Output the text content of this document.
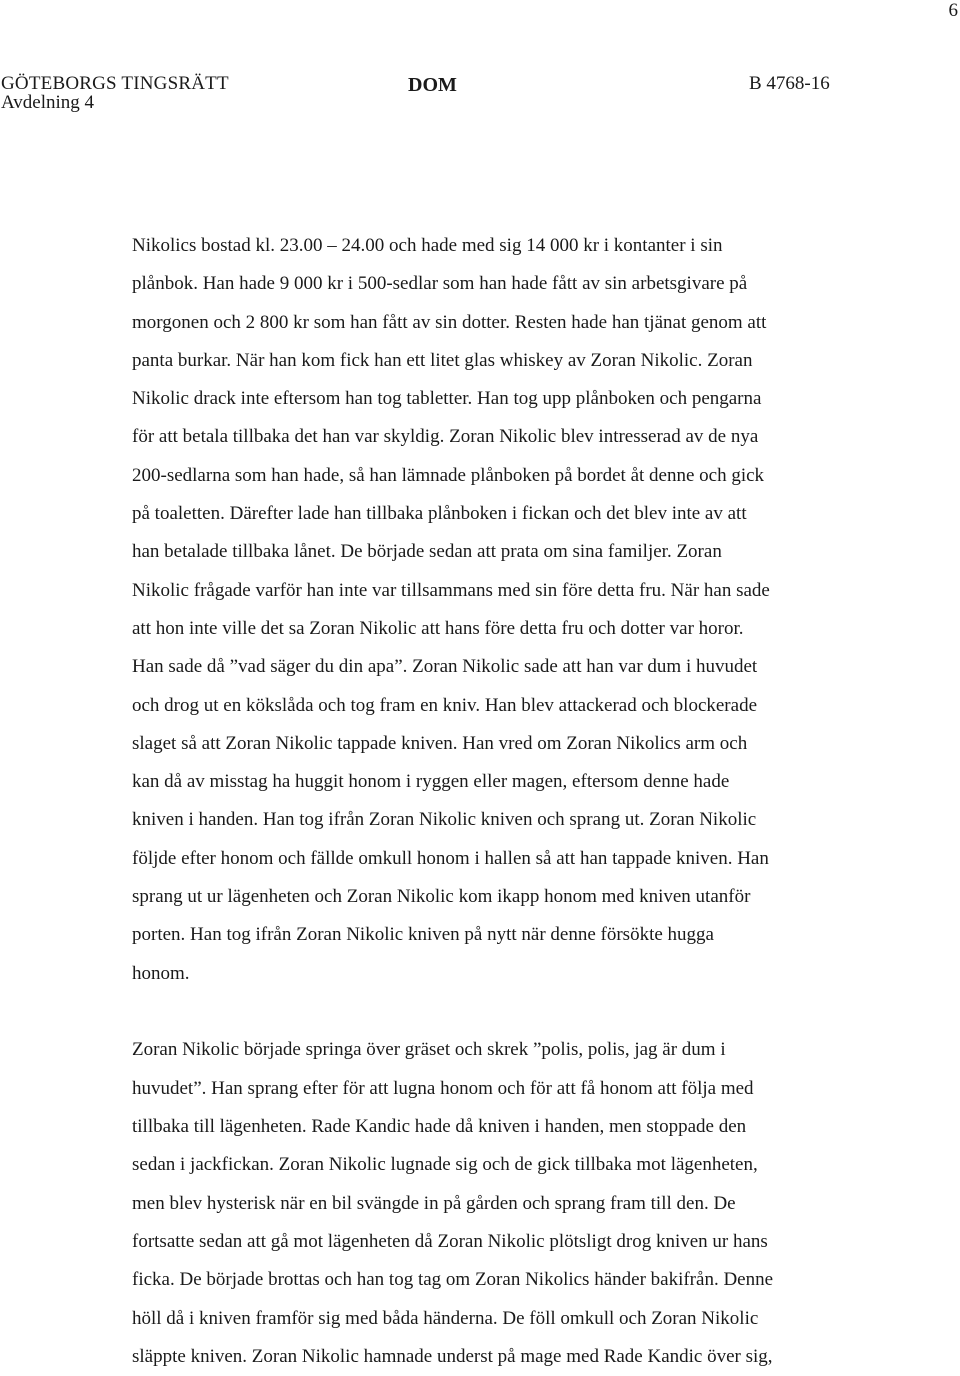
6
GÖTEBORGS TINGSRÄTT	DOM	B 4768-16
Avdelning 4
Nikolics bostad kl. 23.00 – 24.00 och hade med sig 14 000 kr i kontanter i sin
plånbok. Han hade 9 000 kr i 500-sedlar som han hade fått av sin arbetsgivare på
morgonen och 2 800 kr som han fått av sin dotter. Resten hade han tjänat genom att
panta burkar. När han kom fick han ett litet glas whiskey av Zoran Nikolic. Zoran
Nikolic drack inte eftersom han tog tabletter. Han tog upp plånboken och pengarna
för att betala tillbaka det han var skyldig. Zoran Nikolic blev intresserad av de nya
200-sedlarna som han hade, så han lämnade plånboken på bordet åt denne och gick
på toaletten. Därefter lade han tillbaka plånboken i fickan och det blev inte av att
han betalade tillbaka lånet. De började sedan att prata om sina familjer. Zoran
Nikolic frågade varför han inte var tillsammans med sin före detta fru. När han sade
att hon inte ville det sa Zoran Nikolic att hans före detta fru och dotter var horor.
Han sade då ”vad säger du din apa”. Zoran Nikolic sade att han var dum i huvudet
och drog ut en kökslåda och tog fram en kniv. Han blev attackerad och blockerade
slaget så att Zoran Nikolic tappade kniven. Han vred om Zoran Nikolics arm och
kan då av misstag ha huggit honom i ryggen eller magen, eftersom denne hade
kniven i handen. Han tog ifrån Zoran Nikolic kniven och sprang ut. Zoran Nikolic
följde efter honom och fällde omkull honom i hallen så att han tappade kniven. Han
sprang ut ur lägenheten och Zoran Nikolic kom ikapp honom med kniven utanför
porten. Han tog ifrån Zoran Nikolic kniven på nytt när denne försökte hugga
honom.
Zoran Nikolic började springa över gräset och skrek ”polis, polis, jag är dum i
huvudet”. Han sprang efter för att lugna honom och för att få honom att följa med
tillbaka till lägenheten. Rade Kandic hade då kniven i handen, men stoppade den
sedan i jackfickan. Zoran Nikolic lugnade sig och de gick tillbaka mot lägenheten,
men blev hysterisk när en bil svängde in på gården och sprang fram till den. De
fortsatte sedan att gå mot lägenheten då Zoran Nikolic plötsligt drog kniven ur hans
ficka. De började brottas och han tog tag om Zoran Nikolics händer bakifrån. Denne
höll då i kniven framför sig med båda händerna. De föll omkull och Zoran Nikolic
släppte kniven. Zoran Nikolic hamnade underst på mage med Rade Kandic över sig,
